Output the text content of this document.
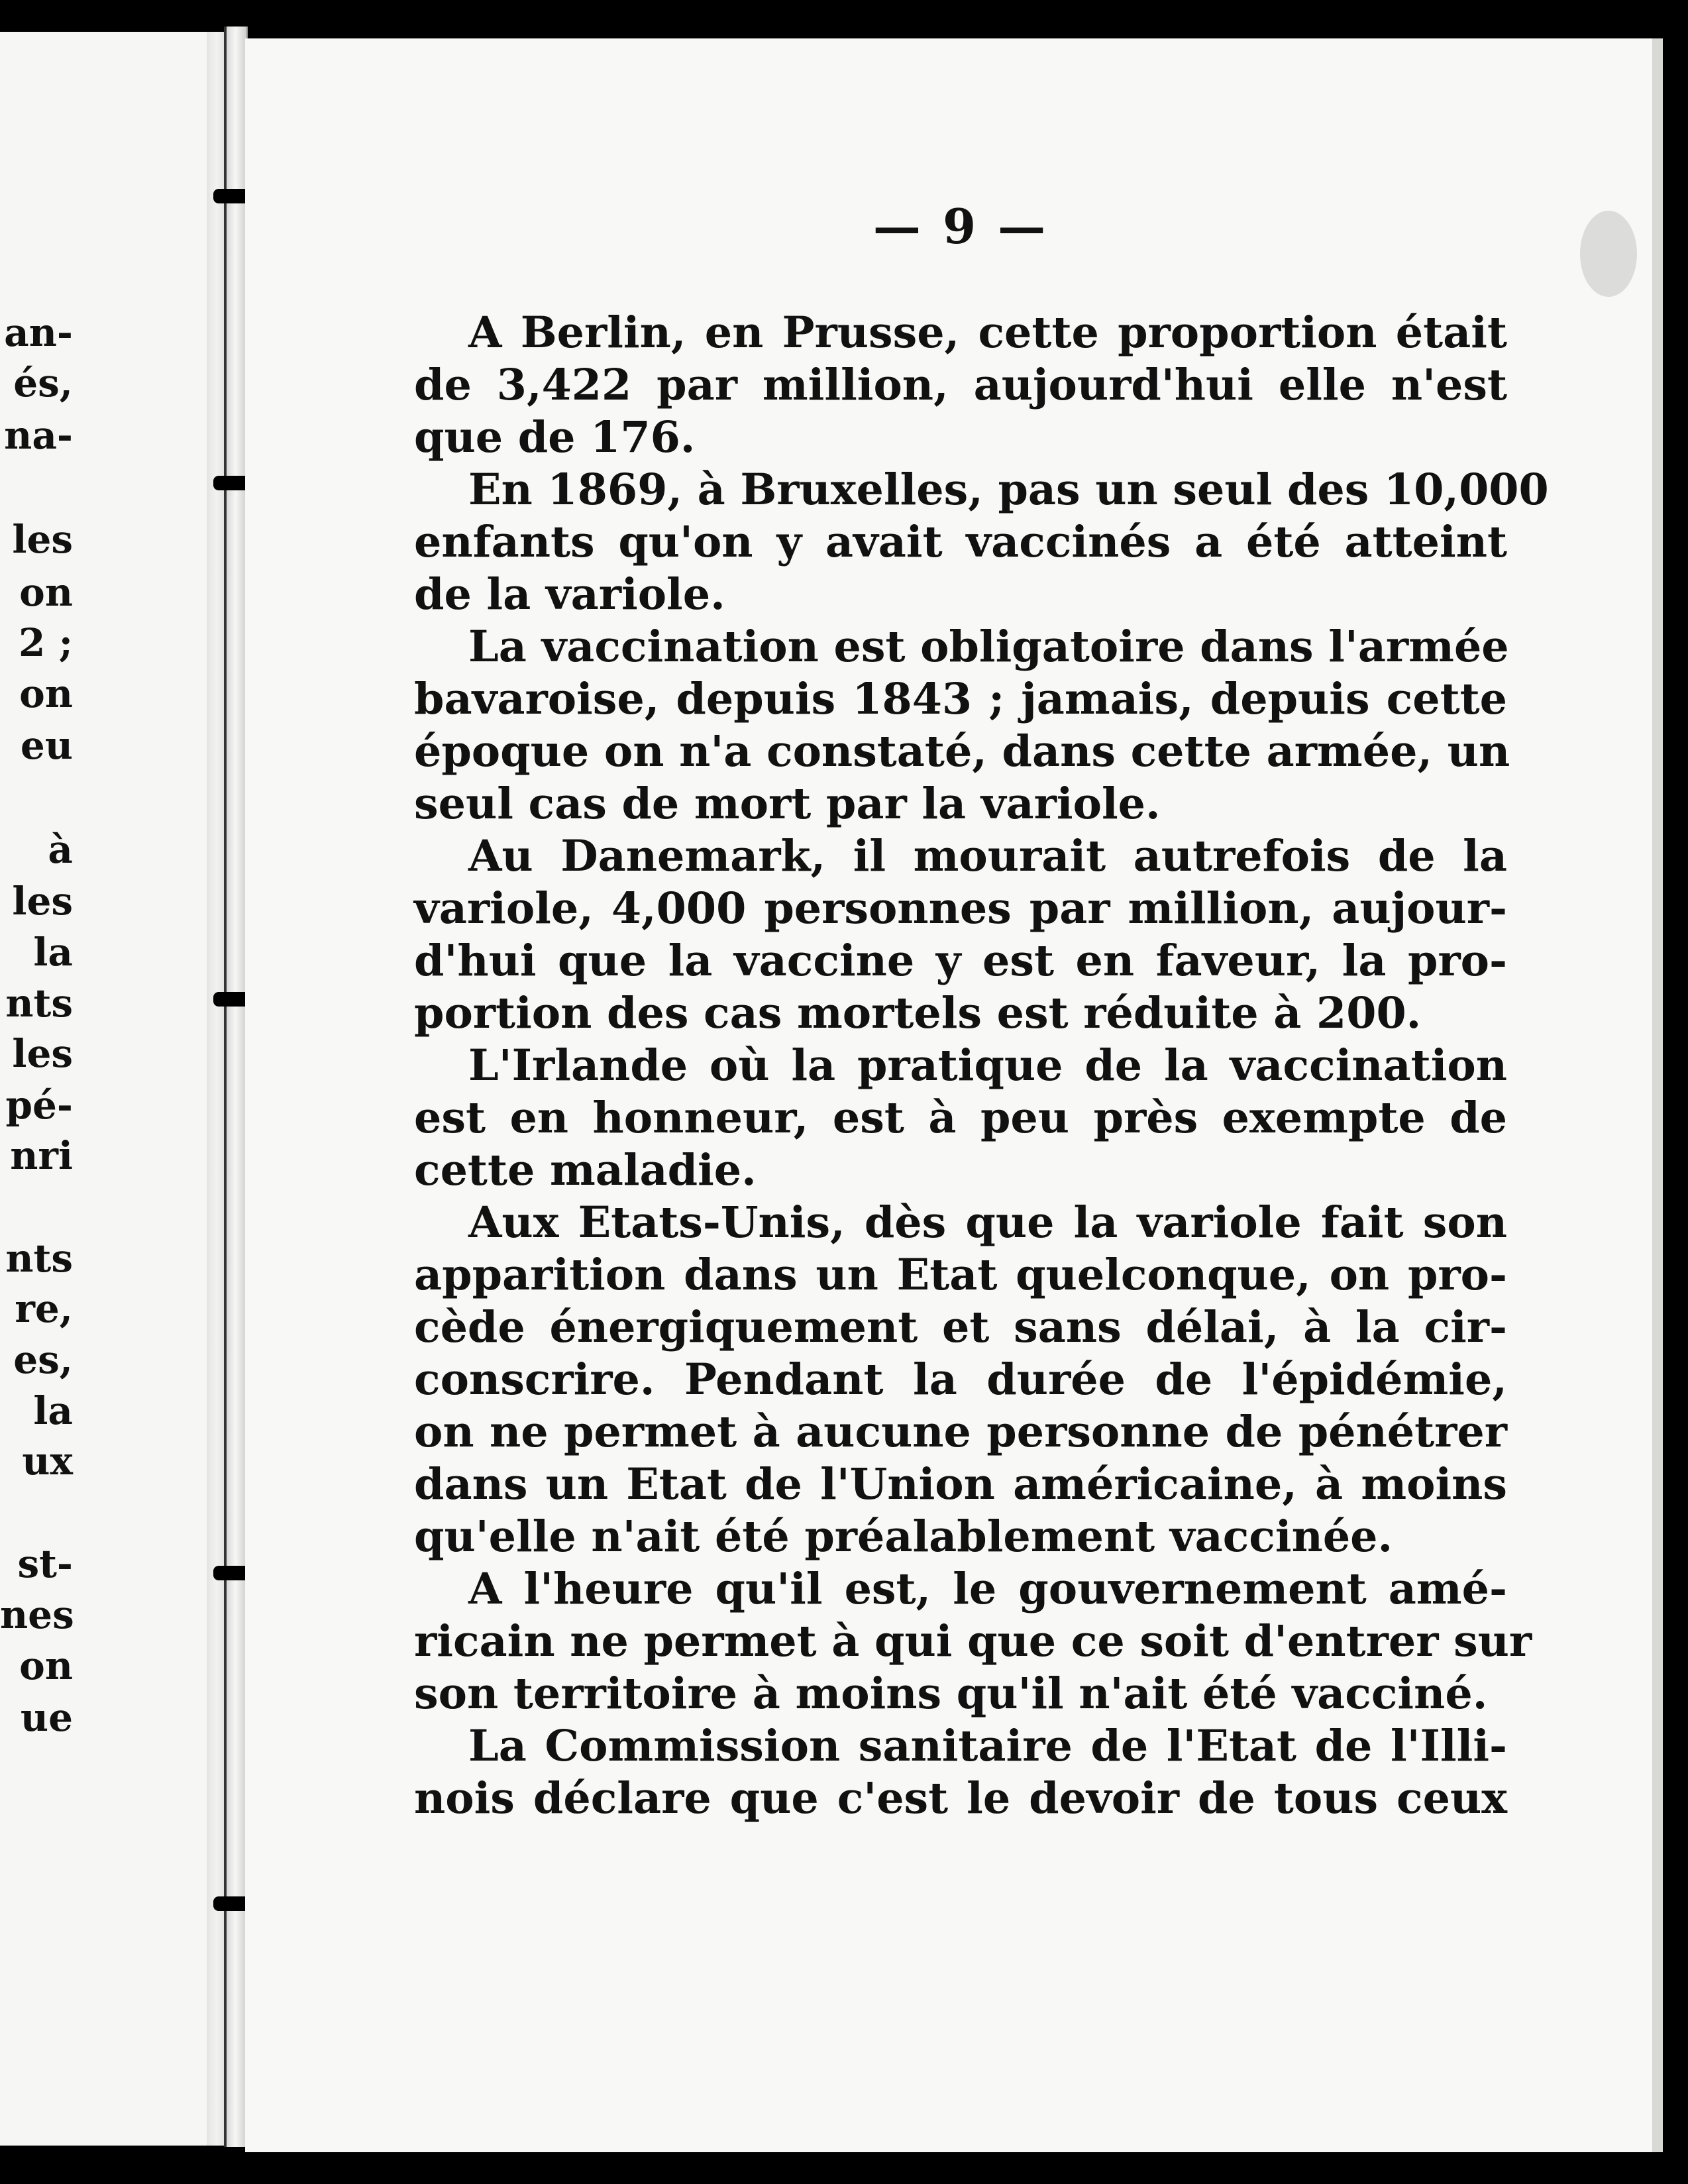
an-
és,
na-
les
on
2 ;
on
eu
à
les
la
nts
les
pé-
nri
nts
re,
es,
la
ux
st-
nes
on
ue
— 9 —
A Berlin, en Prusse, cette proportion était
de 3,422 par million, aujourd'hui elle n'est
que de 176.
En 1869, à Bruxelles, pas un seul des 10,000
enfants qu'on y avait vaccinés a été atteint
de la variole.
La vaccination est obligatoire dans l'armée
bavaroise, depuis 1843 ; jamais, depuis cette
époque on n'a constaté, dans cette armée, un
seul cas de mort par la variole.
Au Danemark, il mourait autrefois de la
variole, 4,000 personnes par million, aujour-
d'hui que la vaccine y est en faveur, la pro-
portion des cas mortels est réduite à 200.
L'Irlande où la pratique de la vaccination
est en honneur, est à peu près exempte de
cette maladie.
Aux Etats-Unis, dès que la variole fait son
apparition dans un Etat quelconque, on pro-
cède énergiquement et sans délai, à la cir-
conscrire. Pendant la durée de l'épidémie,
on ne permet à aucune personne de pénétrer
dans un Etat de l'Union américaine, à moins
qu'elle n'ait été préalablement vaccinée.
A l'heure qu'il est, le gouvernement amé-
ricain ne permet à qui que ce soit d'entrer sur
son territoire à moins qu'il n'ait été vacciné.
La Commission sanitaire de l'Etat de l'Illi-
nois déclare que c'est le devoir de tous ceux
